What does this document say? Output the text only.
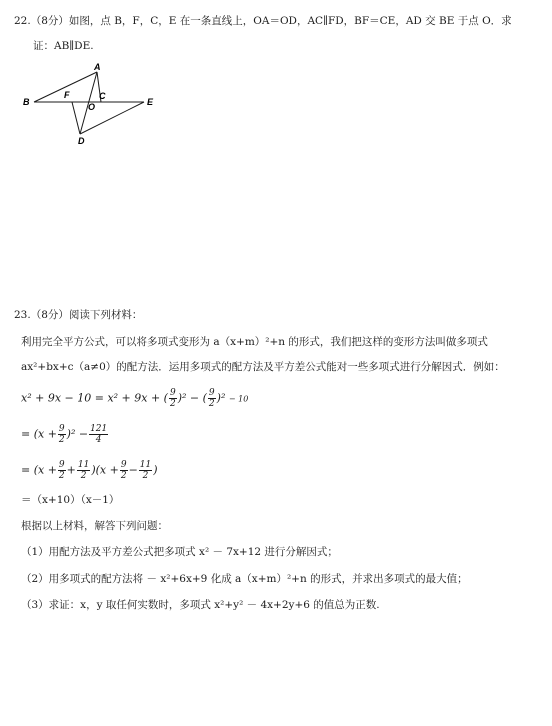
22.（8分）如图，点 B，F，C，E 在一条直线上，OA＝OD，AC∥FD，BF＝CE，AD 交 BE 于点 O．求
证：AB∥DE.
A
B
F	C
O	E
D
23.（8分）阅读下列材料：
利用完全平方公式，可以将多项式变形为 a（x+m）²+n 的形式，我们把这样的变形方法叫做多项式
ax²+bx+c（a≠0）的配方法．运用多项式的配方法及平方差公式能对一些多项式进行分解因式．例如：
x² + 9x − 10 = x² + 9x + ( $\frac{9}{2} )^2$ − ( $\frac{9}{2} )^2 - 10$
= $(x + \frac{9}{2} )^2 - \frac{121}{4}$
= $(x + \frac{9}{2} + \frac{11}{2} )(x + \frac{9}{2} - \frac{11}{2}$ )
＝（x+10）（x－1）
根据以上材料，解答下列问题：
（1）用配方法及平方差公式把多项式 x² － 7x+12 进行分解因式；
（2）用多项式的配方法将 － x²+6x+9 化成 a（x+m）²+n 的形式，并求出多项式的最大值；
（3）求证：x，y 取任何实数时，多项式 x²+y² － 4x+2y+6 的值总为正数.
